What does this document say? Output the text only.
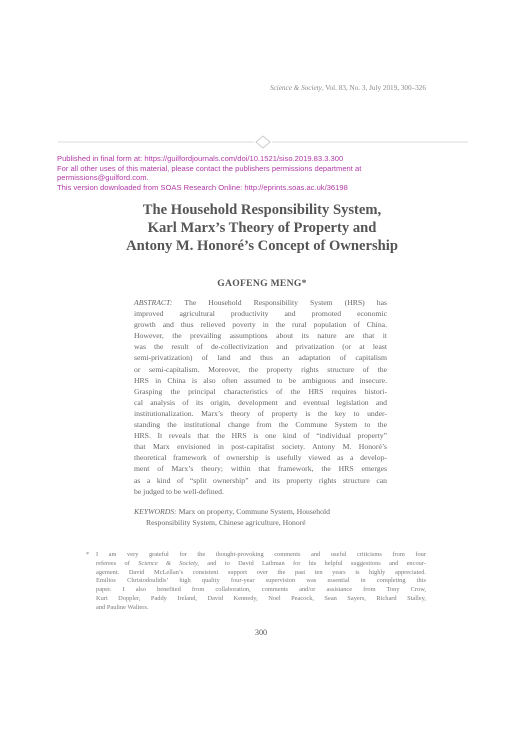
Science & Society, Vol. 83, No. 3, July 2019, 300–326
Published in final form at: https://guilfordjournals.com/doi/10.1521/siso.2019.83.3.300
For all other uses of this material, please contact the publishers permissions department at
permissions@guilford.com.
This version downloaded from SOAS Research Online: http://eprints.soas.ac.uk/36198
The Household Responsibility System,
Karl Marx’s Theory of Property and
Antony M. Honoré’s Concept of Ownership
GAOFENG MENG*
ABSTRACT: The Household Responsibility System (HRS) has
improved agricultural productivity and promoted economic
growth and thus relieved poverty in the rural population of China.
However, the prevailing assumptions about its nature are that it
was the result of de-collectivization and privatization (or at least
semi-privatization) of land and thus an adaptation of capitalism
or semi-capitalism. Moreover, the property rights structure of the
HRS in China is also often assumed to be ambiguous and insecure.
Grasping the principal characteristics of the HRS requires histori-
cal analysis of its origin, development and eventual legislation and
institutionalization. Marx’s theory of property is the key to under-
standing the institutional change from the Commune System to the
HRS. It reveals that the HRS is one kind of “individual property”
that Marx envisioned in post-capitalist society. Antony M. Honoré’s
theoretical framework of ownership is usefully viewed as a develop-
ment of Marx’s theory; within that framework, the HRS emerges
as a kind of “split ownership” and its property rights structure can
be judged to be well-defined.
KEYWORDS: Marx on property, Commune System, Household
Responsibility System, Chinese agriculture, Honoré
* I am very grateful for the thought-provoking comments and useful criticisms from four
referees of Science & Society, and to David Laibman for his helpful suggestions and encour-
agement. David McLellan’s consistent support over the past ten years is highly appreciated.
Emilios Christodoulidis’ high quality four-year supervision was essential in completing this
paper. I also benefited from collaboration, comments and/or assistance from Tony Crow,
Kurt Doppler, Paddy Ireland, David Kennedy, Noel Peacock, Sean Sayers, Richard Stalley,
and Pauline Walters.
300
